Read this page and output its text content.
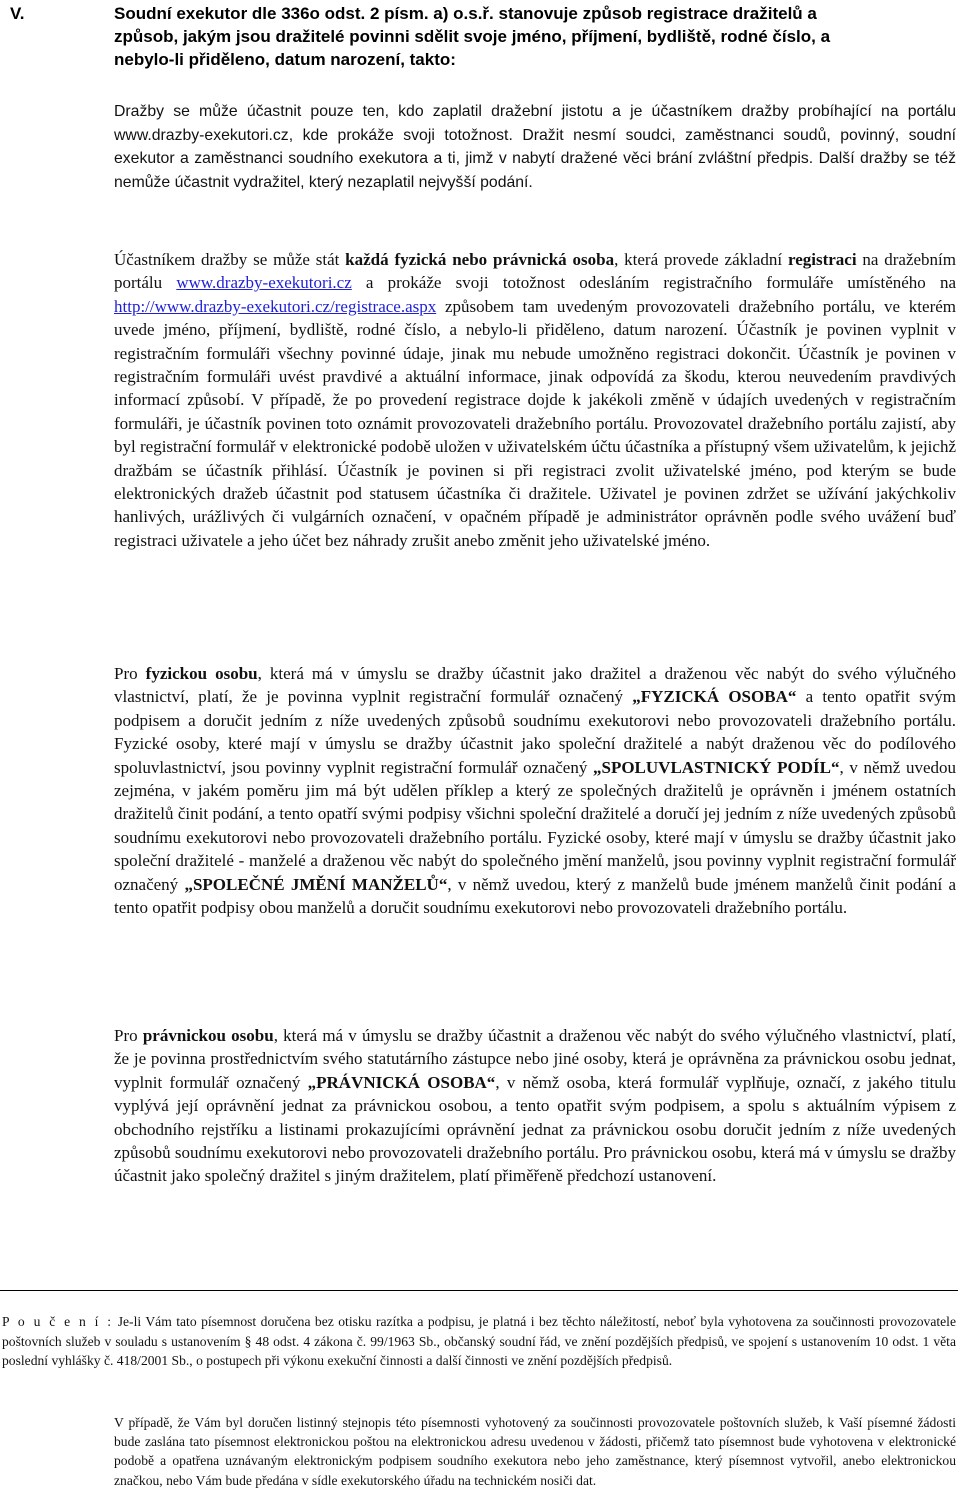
V.	Soudní exekutor dle 336o odst. 2 písm. a) o.s.ř. stanovuje způsob registrace dražitelů a
způsob, jakým jsou dražitelé povinni sdělit svoje jméno, příjmení, bydliště, rodné číslo, a
nebylo-li přiděleno, datum narození, takto:

Dražby se může účastnit pouze ten, kdo zaplatil dražební jistotu a je účastníkem dražby probíhající na portálu www.drazby-exekutori.cz, kde prokáže svoji totožnost. Dražit nesmí soudci, zaměstnanci soudů, povinný, soudní exekutor a zaměstnanci soudního exekutora a ti, jimž v nabytí dražené věci brání zvláštní předpis. Další dražby se též nemůže účastnit vydražitel, který nezaplatil nejvyšší podání.

Účastníkem dražby se může stát každá fyzická nebo právnická osoba, která provede základní registraci na dražebním portálu www.drazby-exekutori.cz a prokáže svoji totožnost odesláním registračního formuláře umístěného na http://www.drazby-exekutori.cz/registrace.aspx způsobem tam uvedeným provozovateli dražebního portálu, ve kterém uvede jméno, příjmení, bydliště, rodné číslo, a nebylo-li přiděleno, datum narození. Účastník je povinen vyplnit v registračním formuláři všechny povinné údaje, jinak mu nebude umožněno registraci dokončit. Účastník je povinen v registračním formuláři uvést pravdivé a aktuální informace, jinak odpovídá za škodu, kterou neuvedením pravdivých informací způsobí. V případě, že po provedení registrace dojde k jakékoli změně v údajích uvedených v registračním formuláři, je účastník povinen toto oznámit provozovateli dražebního portálu. Provozovatel dražebního portálu zajistí, aby byl registrační formulář v elektronické podobě uložen v uživatelském účtu účastníka a přístupný všem uživatelům, k jejichž dražbám se účastník přihlásí. Účastník je povinen si při registraci zvolit uživatelské jméno, pod kterým se bude elektronických dražeb účastnit pod statusem účastníka či dražitele. Uživatel je povinen zdržet se užívání jakýchkoliv hanlivých, urážlivých či vulgárních označení, v opačném případě je administrátor oprávněn podle svého uvážení buď registraci uživatele a jeho účet bez náhrady zrušit anebo změnit jeho uživatelské jméno.

Pro fyzickou osobu, která má v úmyslu se dražby účastnit jako dražitel a draženou věc nabýt do svého výlučného vlastnictví, platí, že je povinna vyplnit registrační formulář označený „FYZICKÁ OSOBA“ a tento opatřit svým podpisem a doručit jedním z níže uvedených způsobů soudnímu exekutorovi nebo provozovateli dražebního portálu. Fyzické osoby, které mají v úmyslu se dražby účastnit jako společní dražitelé a nabýt draženou věc do podílového spoluvlastnictví, jsou povinny vyplnit registrační formulář označený „SPOLUVLASTNICKÝ PODÍL“, v němž uvedou zejména, v jakém poměru jim má být udělen příklep a který ze společných dražitelů je oprávněn i jménem ostatních dražitelů činit podání, a tento opatří svými podpisy všichni společní dražitelé a doručí jej jedním z níže uvedených způsobů soudnímu exekutorovi nebo provozovateli dražebního portálu. Fyzické osoby, které mají v úmyslu se dražby účastnit jako společní dražitelé - manželé a draženou věc nabýt do společného jmění manželů, jsou povinny vyplnit registrační formulář označený „SPOLEČNÉ JMĚNÍ MANŽELŮ“, v němž uvedou, který z manželů bude jménem manželů činit podání a tento opatřit podpisy obou manželů a doručit soudnímu exekutorovi nebo provozovateli dražebního portálu.

Pro právnickou osobu, která má v úmyslu se dražby účastnit a draženou věc nabýt do svého výlučného vlastnictví, platí, že je povinna prostřednictvím svého statutárního zástupce nebo jiné osoby, která je oprávněna za právnickou osobu jednat, vyplnit formulář označený „PRÁVNICKÁ OSOBA“, v němž osoba, která formulář vyplňuje, označí, z jakého titulu vyplývá její oprávnění jednat za právnickou osobou, a tento opatřit svým podpisem, a spolu s aktuálním výpisem z obchodního rejstříku a listinami prokazujícími oprávnění jednat za právnickou osobu doručit jedním z níže uvedených způsobů soudnímu exekutorovi nebo provozovateli dražebního portálu. Pro právnickou osobu, která má v úmyslu se dražby účastnit jako společný dražitel s jiným dražitelem, platí přiměřeně předchozí ustanovení.

P o u č e n í : Je-li Vám tato písemnost doručena bez otisku razítka a podpisu, je platná i bez těchto náležitostí, neboť byla vyhotovena za součinnosti provozovatele poštovních služeb v souladu s ustanovením § 48 odst. 4 zákona č. 99/1963 Sb., občanský soudní řád, ve znění pozdějších předpisů, ve spojení s ustanovením 10 odst. 1 věta poslední vyhlášky č. 418/2001 Sb., o postupech při výkonu exekuční činnosti a další činnosti ve znění pozdějších předpisů.

V případě, že Vám byl doručen listinný stejnopis této písemnosti vyhotovený za součinnosti provozovatele poštovních služeb, k Vaší písemné žádosti bude zaslána tato písemnost elektronickou poštou na elektronickou adresu uvedenou v žádosti, přičemž tato písemnost bude vyhotovena v elektronické podobě a opatřena uznávaným elektronickým podpisem soudního exekutora nebo jeho zaměstnance, který písemnost vytvořil, anebo elektronickou značkou, nebo Vám bude předána v sídle exekutorského úřadu na technickém nosiči dat.
